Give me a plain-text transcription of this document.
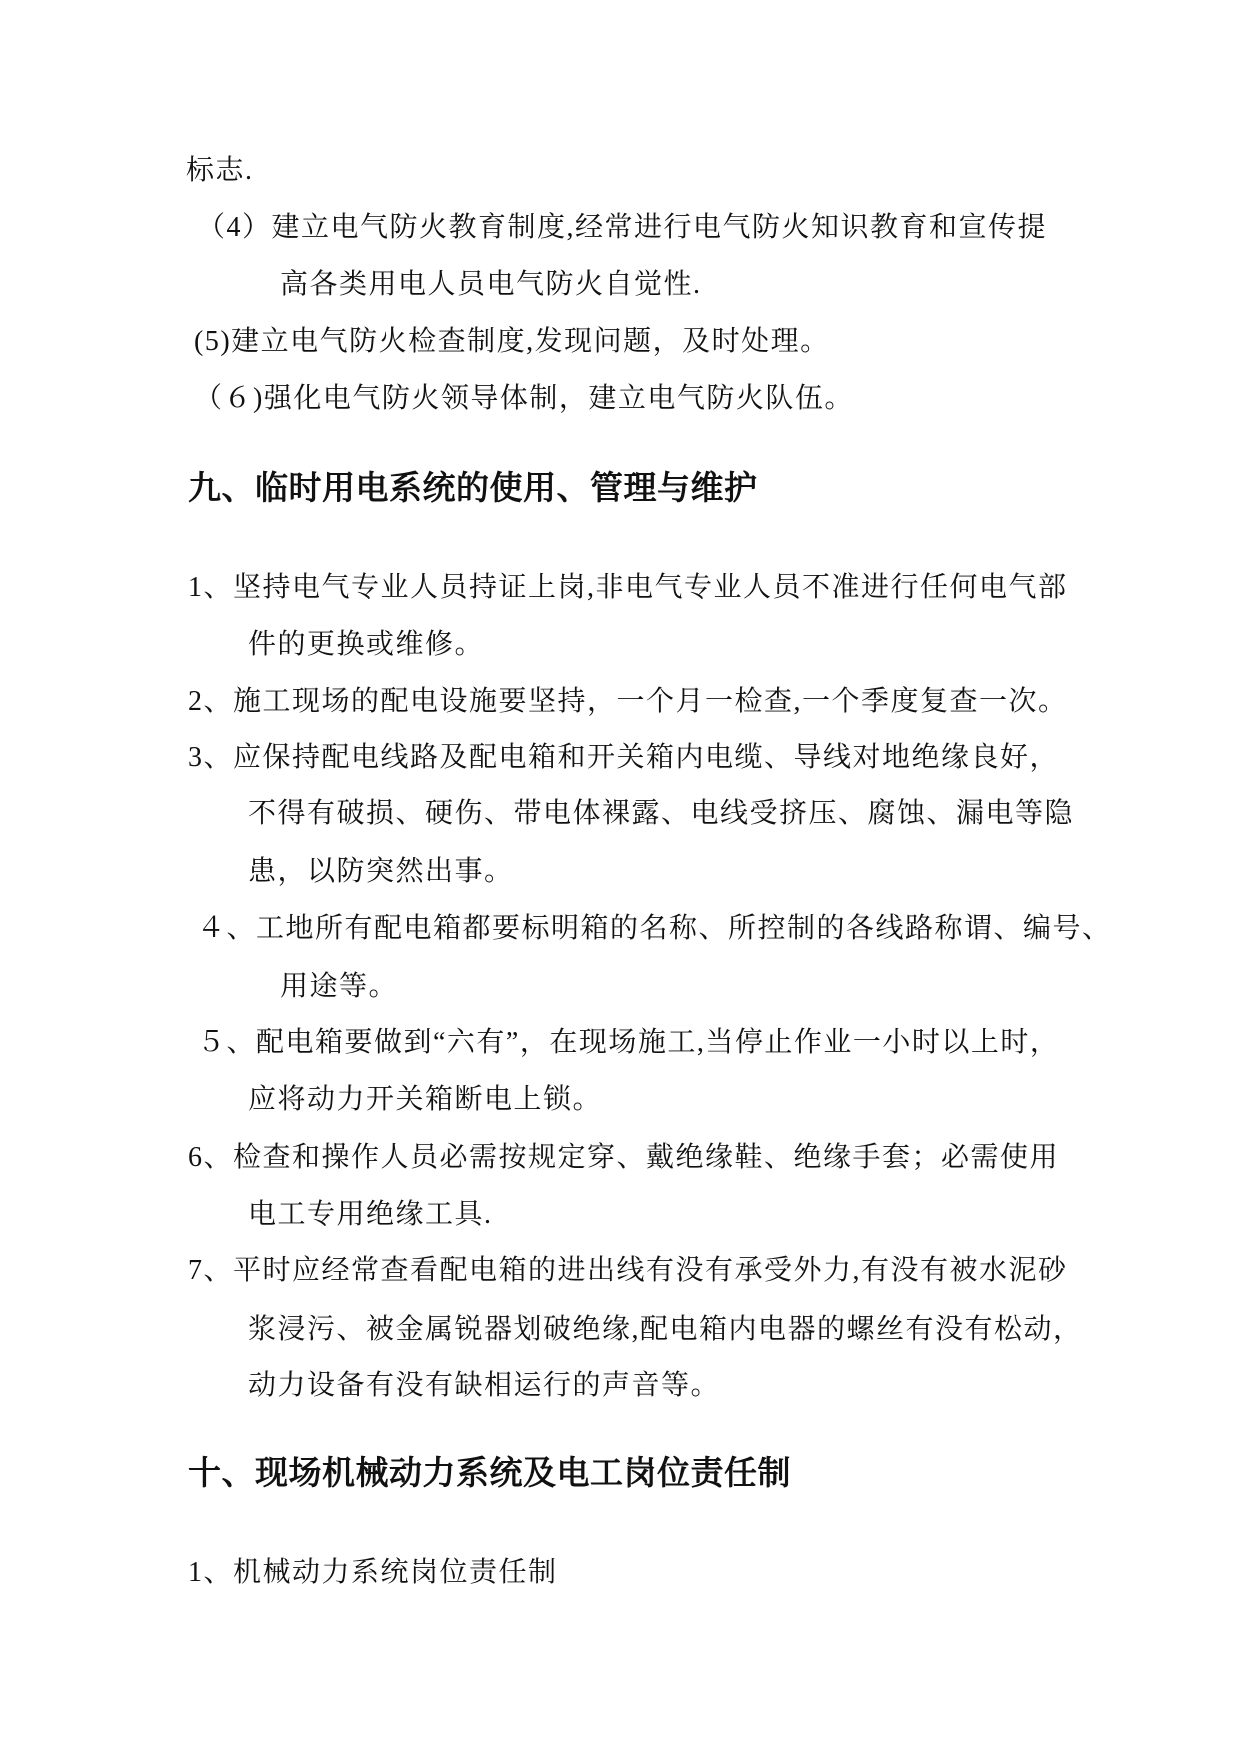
标志.
（4）建立电气防火教育制度,经常进行电气防火知识教育和宣传提
高各类用电人员电气防火自觉性.
(5)建立电气防火检查制度,发现问题，及时处理。
（６)强化电气防火领导体制，建立电气防火队伍。
九、临时用电系统的使用、管理与维护
1、坚持电气专业人员持证上岗,非电气专业人员不准进行任何电气部
件的更换或维修。
2、施工现场的配电设施要坚持，一个月一检查,一个季度复查一次。
3、应保持配电线路及配电箱和开关箱内电缆、导线对地绝缘良好，
不得有破损、硬伤、带电体裸露、电线受挤压、腐蚀、漏电等隐
患，以防突然出事。
４、工地所有配电箱都要标明箱的名称、所控制的各线路称谓、编号、
用途等。
５、配电箱要做到“六有”，在现场施工,当停止作业一小时以上时，
应将动力开关箱断电上锁。
6、检查和操作人员必需按规定穿、戴绝缘鞋、绝缘手套；必需使用
电工专用绝缘工具.
7、平时应经常查看配电箱的进出线有没有承受外力,有没有被水泥砂
浆浸污、被金属锐器划破绝缘,配电箱内电器的螺丝有没有松动，
动力设备有没有缺相运行的声音等。
十、现场机械动力系统及电工岗位责任制
1、机械动力系统岗位责任制
